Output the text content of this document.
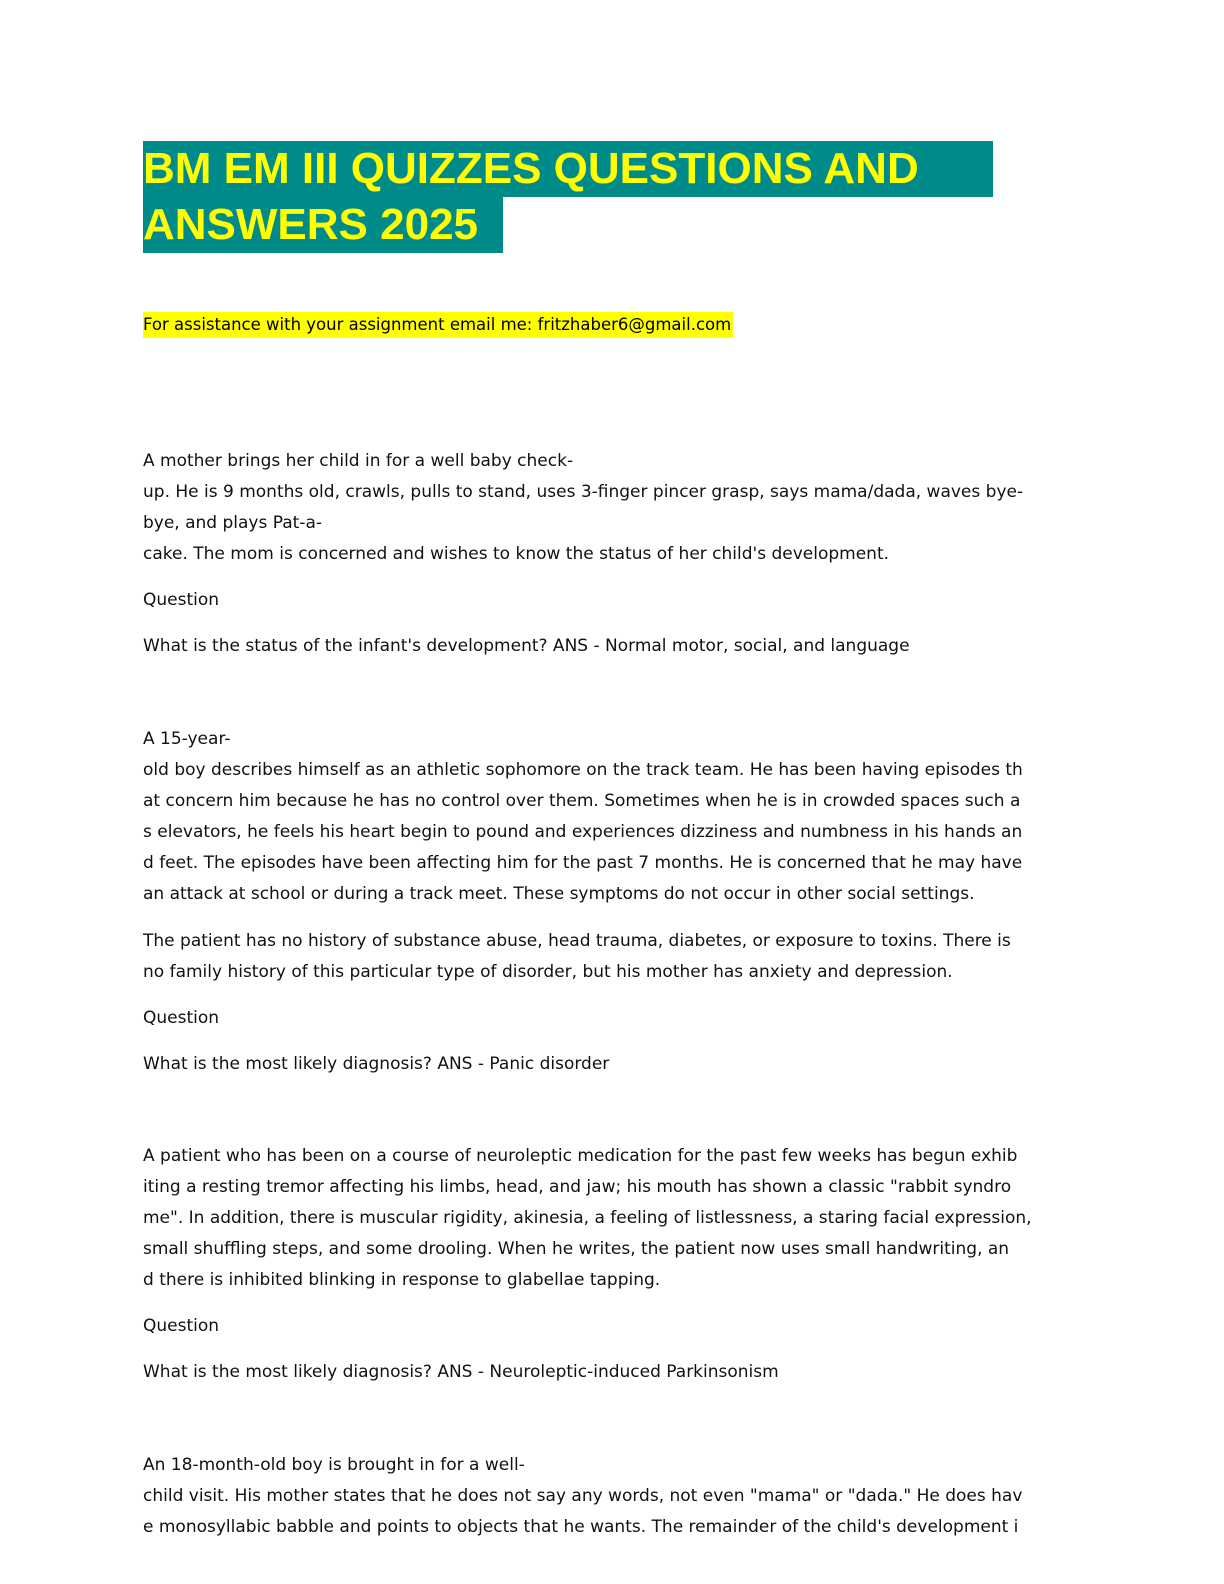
BM EM III QUIZZES QUESTIONS AND
ANSWERS 2025
For assistance with your assignment email me: fritzhaber6@gmail.com
A mother brings her child in for a well baby check-
up. He is 9 months old, crawls, pulls to stand, uses 3-finger pincer grasp, says mama/dada, waves bye-
bye, and plays Pat-a-
cake. The mom is concerned and wishes to know the status of her child's development.
Question
What is the status of the infant's development? ANS - Normal motor, social, and language
A 15-year-
old boy describes himself as an athletic sophomore on the track team. He has been having episodes th
at concern him because he has no control over them. Sometimes when he is in crowded spaces such a
s elevators, he feels his heart begin to pound and experiences dizziness and numbness in his hands an
d feet. The episodes have been affecting him for the past 7 months. He is concerned that he may have
an attack at school or during a track meet. These symptoms do not occur in other social settings.
The patient has no history of substance abuse, head trauma, diabetes, or exposure to toxins. There is
no family history of this particular type of disorder, but his mother has anxiety and depression.
Question
What is the most likely diagnosis? ANS - Panic disorder
A patient who has been on a course of neuroleptic medication for the past few weeks has begun exhib
iting a resting tremor affecting his limbs, head, and jaw; his mouth has shown a classic "rabbit syndro
me". In addition, there is muscular rigidity, akinesia, a feeling of listlessness, a staring facial expression,
small shuffling steps, and some drooling. When he writes, the patient now uses small handwriting, an
d there is inhibited blinking in response to glabellae tapping.
Question
What is the most likely diagnosis? ANS - Neuroleptic-induced Parkinsonism
An 18-month-old boy is brought in for a well-
child visit. His mother states that he does not say any words, not even "mama" or "dada." He does hav
e monosyllabic babble and points to objects that he wants. The remainder of the child's development i
